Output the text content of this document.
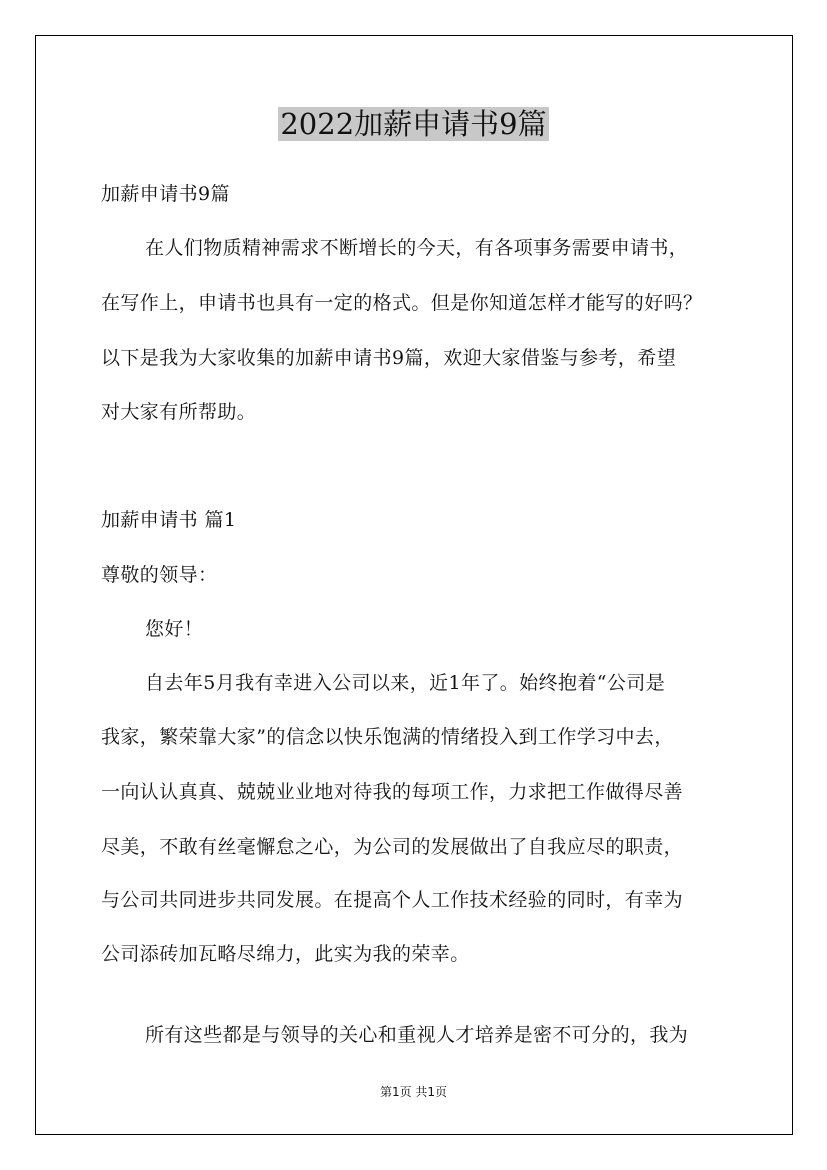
2022加薪申请书9篇
加薪申请书9篇
在人们物质精神需求不断增长的今天，有各项事务需要申请书，
在写作上，申请书也具有一定的格式。但是你知道怎样才能写的好吗？
以下是我为大家收集的加薪申请书9篇，欢迎大家借鉴与参考，希望
对大家有所帮助。
加薪申请书 篇1
尊敬的领导：
您好！
自去年5月我有幸进入公司以来，近1年了。始终抱着“公司是
我家，繁荣靠大家”的信念以快乐饱满的情绪投入到工作学习中去，
一向认认真真、兢兢业业地对待我的每项工作，力求把工作做得尽善
尽美，不敢有丝毫懈怠之心，为公司的发展做出了自我应尽的职责，
与公司共同进步共同发展。在提高个人工作技术经验的同时，有幸为
公司添砖加瓦略尽绵力，此实为我的荣幸。
所有这些都是与领导的关心和重视人才培养是密不可分的，我为
第1页 共1页
